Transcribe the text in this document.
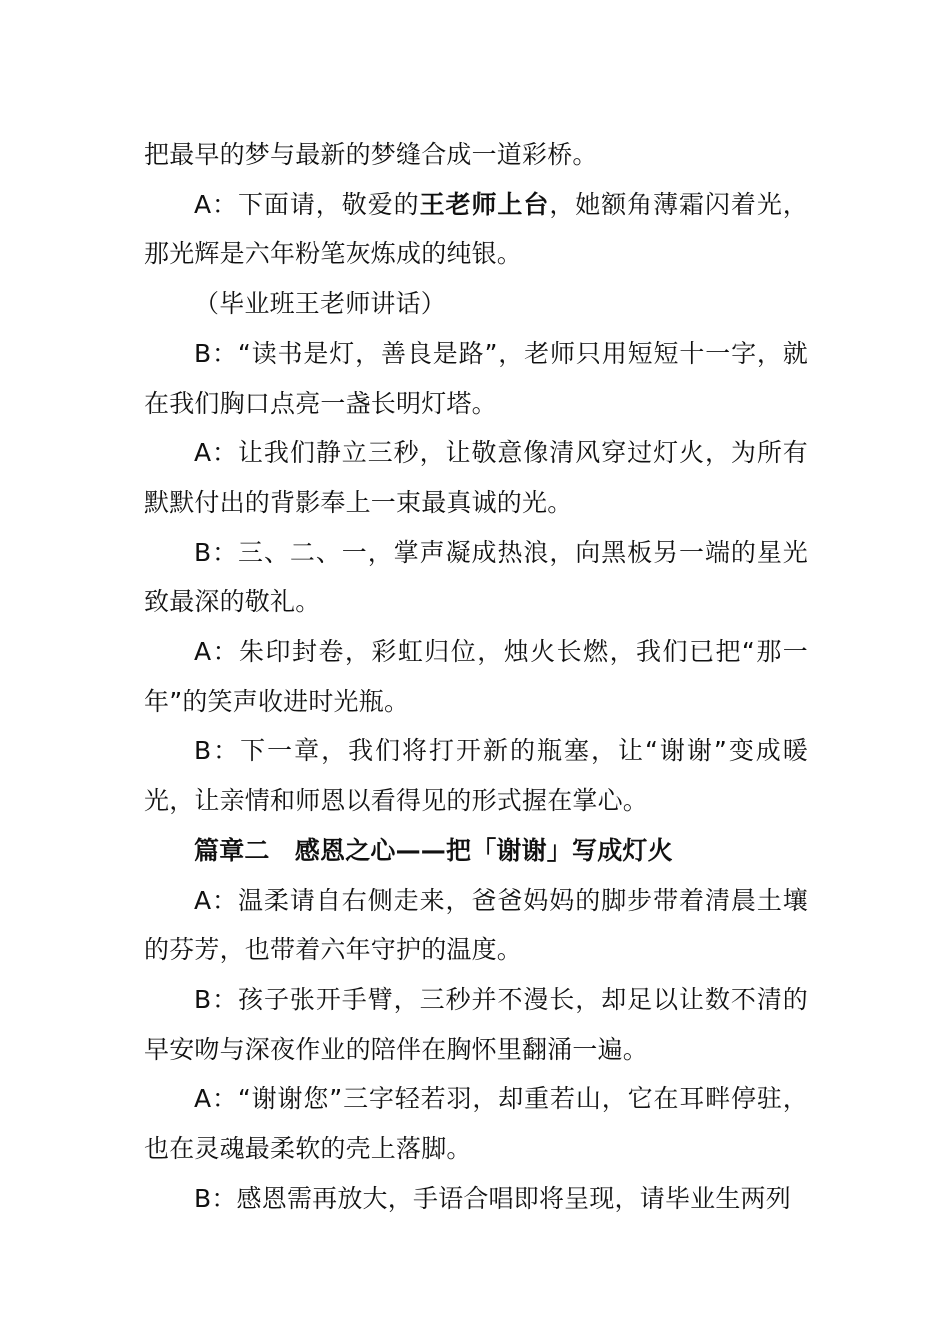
把最早的梦与最新的梦缝合成一道彩桥。

A：下面请，敬爱的王老师上台，她额角薄霜闪着光，那光辉是六年粉笔灰炼成的纯银。

（毕业班王老师讲话）

B：“读书是灯，善良是路”，老师只用短短十一字，就在我们胸口点亮一盏长明灯塔。

A：让我们静立三秒，让敬意像清风穿过灯火，为所有默默付出的背影奉上一束最真诚的光。

B：三、二、一，掌声凝成热浪，向黑板另一端的星光致最深的敬礼。

A：朱印封卷，彩虹归位，烛火长燃，我们已把“那一年”的笑声收进时光瓶。

B：下一章，我们将打开新的瓶塞，让“谢谢”变成暖光，让亲情和师恩以看得见的形式握在掌心。

篇章二　感恩之心——把「谢谢」写成灯火

A：温柔请自右侧走来，爸爸妈妈的脚步带着清晨土壤的芬芳，也带着六年守护的温度。

B：孩子张开手臂，三秒并不漫长，却足以让数不清的早安吻与深夜作业的陪伴在胸怀里翻涌一遍。

A：“谢谢您”三字轻若羽，却重若山，它在耳畔停驻，也在灵魂最柔软的壳上落脚。

B：感恩需再放大，手语合唱即将呈现，请毕业生两列
